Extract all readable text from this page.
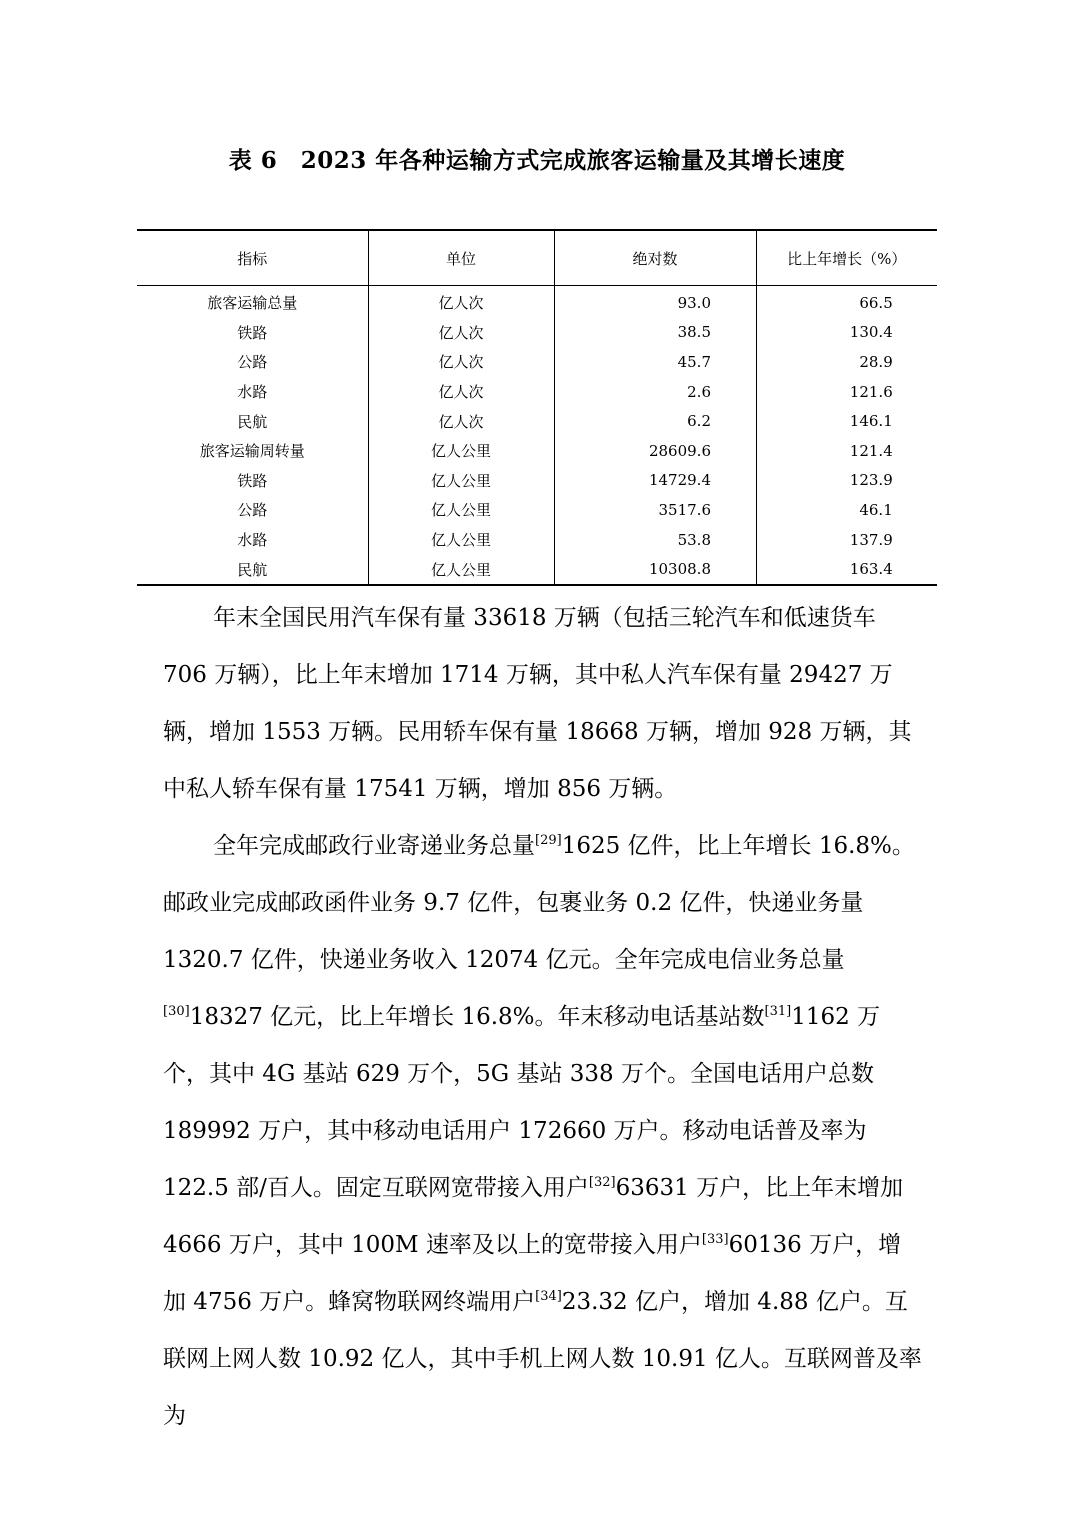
表 6　2023 年各种运输方式完成旅客运输量及其增长速度
指标	单位	绝对数	比上年增长（%）
旅客运输总量	亿人次	93.0	66.5
铁路	亿人次	38.5	130.4
公路	亿人次	45.7	28.9
水路	亿人次	2.6	121.6
民航	亿人次	6.2	146.1
旅客运输周转量	亿人公里	28609.6	121.4
铁路	亿人公里	14729.4	123.9
公路	亿人公里	3517.6	46.1
水路	亿人公里	53.8	137.9
民航	亿人公里	10308.8	163.4

年末全国民用汽车保有量 33618 万辆（包括三轮汽车和低速货车 706 万辆），比上年末增加 1714 万辆，其中私人汽车保有量 29427 万辆，增加 1553 万辆。民用轿车保有量 18668 万辆，增加 928 万辆，其中私人轿车保有量 17541 万辆，增加 856 万辆。

全年完成邮政行业寄递业务总量[29]1625 亿件，比上年增长 16.8%。邮政业完成邮政函件业务 9.7 亿件，包裹业务 0.2 亿件，快递业务量 1320.7 亿件，快递业务收入 12074 亿元。全年完成电信业务总量[30]18327 亿元，比上年增长 16.8%。年末移动电话基站数[31]1162 万个，其中 4G 基站 629 万个，5G 基站 338 万个。全国电话用户总数 189992 万户，其中移动电话用户 172660 万户。移动电话普及率为 122.5 部/百人。固定互联网宽带接入用户[32]63631 万户，比上年末增加 4666 万户，其中 100M 速率及以上的宽带接入用户[33]60136 万户，增加 4756 万户。蜂窝物联网终端用户[34]23.32 亿户，增加 4.88 亿户。互联网上网人数 10.92 亿人，其中手机上网人数 10.91 亿人。互联网普及率为
